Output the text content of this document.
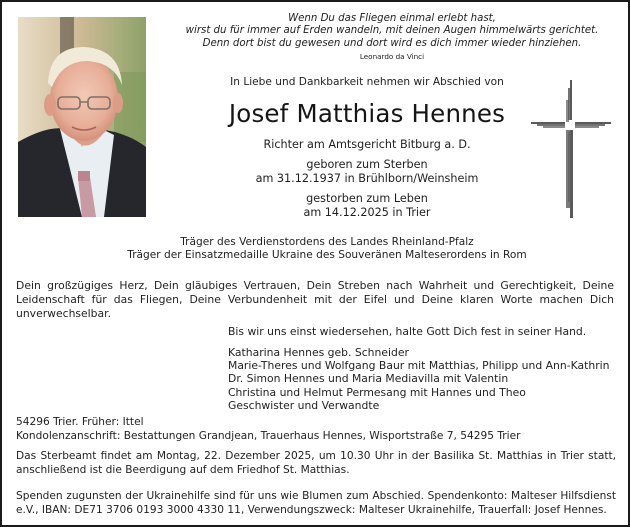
Wenn Du das Fliegen einmal erlebt hast,
wirst du für immer auf Erden wandeln, mit deinen Augen himmelwärts gerichtet.
Denn dort bist du gewesen und dort wird es dich immer wieder hinziehen.
Leonardo da Vinci
In Liebe und Dankbarkeit nehmen wir Abschied von
Josef Matthias Hennes
Richter am Amtsgericht Bitburg a. D.
geboren zum Sterben
am 31.12.1937 in Brühlborn/Weinsheim
gestorben zum Leben
am 14.12.2025 in Trier
Träger des Verdienstordens des Landes Rheinland-Pfalz
Träger der Einsatzmedaille Ukraine des Souveränen Malteserordens in Rom
Dein großzügiges Herz, Dein gläubiges Vertrauen, Dein Streben nach Wahrheit und Gerechtigkeit, Deine Leidenschaft für das Fliegen, Deine Verbundenheit mit der Eifel und Deine klaren Worte machen Dich unverwechselbar.
Bis wir uns einst wiedersehen, halte Gott Dich fest in seiner Hand.
Katharina Hennes geb. Schneider
Marie-Theres und Wolfgang Baur mit Matthias, Philipp und Ann-Kathrin
Dr. Simon Hennes und Maria Mediavilla mit Valentin
Christina und Helmut Permesang mit Hannes und Theo
Geschwister und Verwandte
54296 Trier. Früher: Ittel
Kondolenzanschrift: Bestattungen Grandjean, Trauerhaus Hennes, Wisportstraße 7, 54295 Trier
Das Sterbeamt findet am Montag, 22. Dezember 2025, um 10.30 Uhr in der Basilika St. Matthias in Trier statt, anschließend ist die Beerdigung auf dem Friedhof St. Matthias.
Spenden zugunsten der Ukrainehilfe sind für uns wie Blumen zum Abschied. Spendenkonto: Malteser Hilfsdienst e.V., IBAN: DE71 3706 0193 3000 4330 11, Verwendungszweck: Malteser Ukrainehilfe, Trauerfall: Josef Hennes.
